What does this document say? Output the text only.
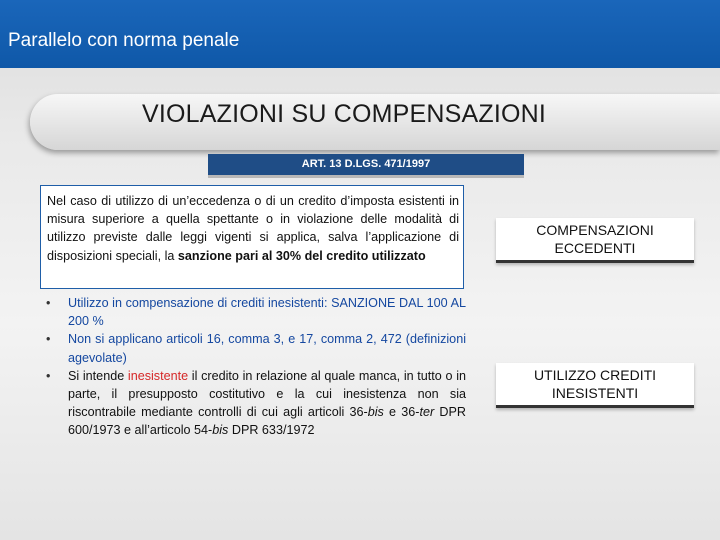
Parallelo con norma penale
VIOLAZIONI SU COMPENSAZIONI
ART. 13 D.LGS. 471/1997
Nel caso di utilizzo di un’eccedenza o di un credito d’imposta esistenti in misura superiore a quella spettante o in violazione delle modalità di utilizzo previste dalle leggi vigenti si applica, salva l’applicazione di disposizioni speciali, la sanzione pari al 30% del credito utilizzato
• Utilizzo in compensazione di crediti inesistenti: SANZIONE DAL 100 AL 200 %
• Non si applicano articoli 16, comma 3, e 17, comma 2, 472 (definizioni agevolate)
• Si intende inesistente il credito in relazione al quale manca, in tutto o in parte, il presupposto costitutivo e la cui inesistenza non sia riscontrabile mediante controlli di cui agli articoli 36-bis e 36-ter DPR 600/1973 e all’articolo 54-bis DPR 633/1972
COMPENSAZIONI
ECCEDENTI
UTILIZZO CREDITI
INESISTENTI
